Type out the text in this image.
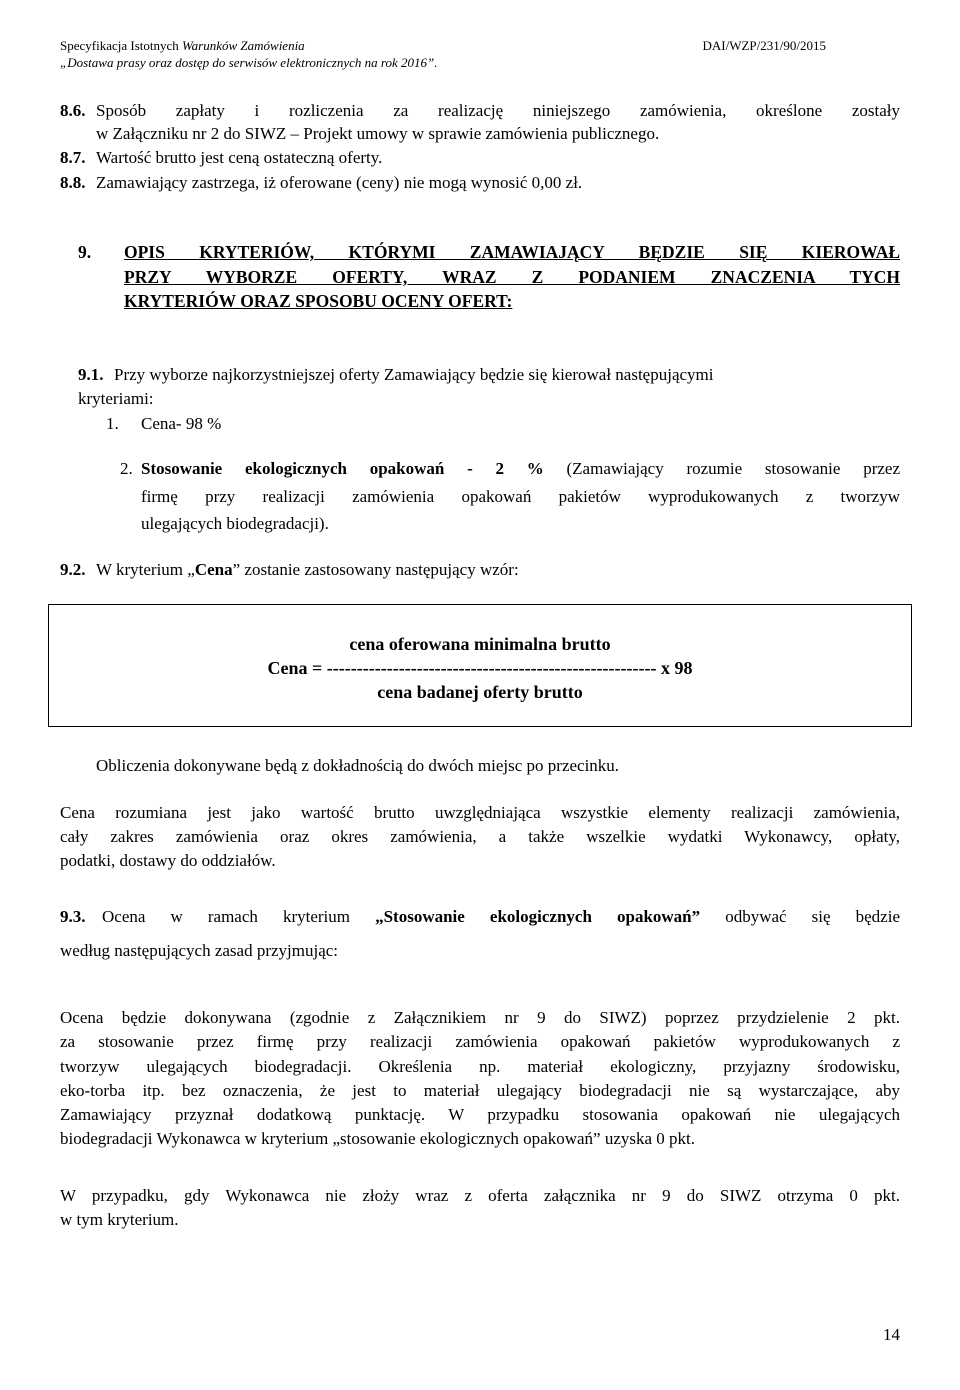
Specyfikacja Istotnych Warunków Zamówienia	DAI/WZP/231/90/2015
„Dostawa prasy oraz dostęp do serwisów elektronicznych na rok 2016”.
8.6. Sposób zapłaty i rozliczenia za realizację niniejszego zamówienia, określone zostały
w Załączniku nr 2 do SIWZ – Projekt umowy w sprawie zamówienia publicznego.
8.7. Wartość brutto jest ceną ostateczną oferty.
8.8. Zamawiający zastrzega, iż oferowane (ceny) nie mogą wynosić 0,00 zł.
9. OPIS KRYTERIÓW, KTÓRYMI ZAMAWIAJĄCY BĘDZIE SIĘ KIEROWAŁ
PRZY WYBORZE OFERTY, WRAZ Z PODANIEM ZNACZENIA TYCH
KRYTERIÓW ORAZ SPOSOBU OCENY OFERT:
9.1. Przy wyborze najkorzystniejszej oferty Zamawiający będzie się kierował następującymi
kryteriami:
1. Cena- 98 %
2. Stosowanie ekologicznych opakowań - 2 % (Zamawiający rozumie stosowanie przez
firmę przy realizacji zamówienia opakowań pakietów wyprodukowanych z tworzyw
ulegających biodegradacji).
9.2. W kryterium „Cena” zostanie zastosowany następujący wzór:
cena oferowana minimalna brutto
Cena = ------------------------------------------------------- x 98
cena badanej oferty brutto
Obliczenia dokonywane będą z dokładnością do dwóch miejsc po przecinku.
Cena rozumiana jest jako wartość brutto uwzględniająca wszystkie elementy realizacji zamówienia,
cały zakres zamówienia oraz okres zamówienia, a także wszelkie wydatki Wykonawcy, opłaty,
podatki, dostawy do oddziałów.
9.3. Ocena w ramach kryterium „Stosowanie ekologicznych opakowań” odbywać się będzie
według następujących zasad przyjmując:
Ocena będzie dokonywana (zgodnie z Załącznikiem nr 9 do SIWZ) poprzez przydzielenie 2 pkt.
za stosowanie przez firmę przy realizacji zamówienia opakowań pakietów wyprodukowanych z
tworzyw ulegających biodegradacji. Określenia np. materiał ekologiczny, przyjazny środowisku,
eko-torba itp. bez oznaczenia, że jest to materiał ulegający biodegradacji nie są wystarczające, aby
Zamawiający przyznał dodatkową punktację. W przypadku stosowania opakowań nie ulegających
biodegradacji Wykonawca w kryterium „stosowanie ekologicznych opakowań” uzyska 0 pkt.
W przypadku, gdy Wykonawca nie złoży wraz z oferta załącznika nr 9 do SIWZ otrzyma 0 pkt.
w tym kryterium.
14
